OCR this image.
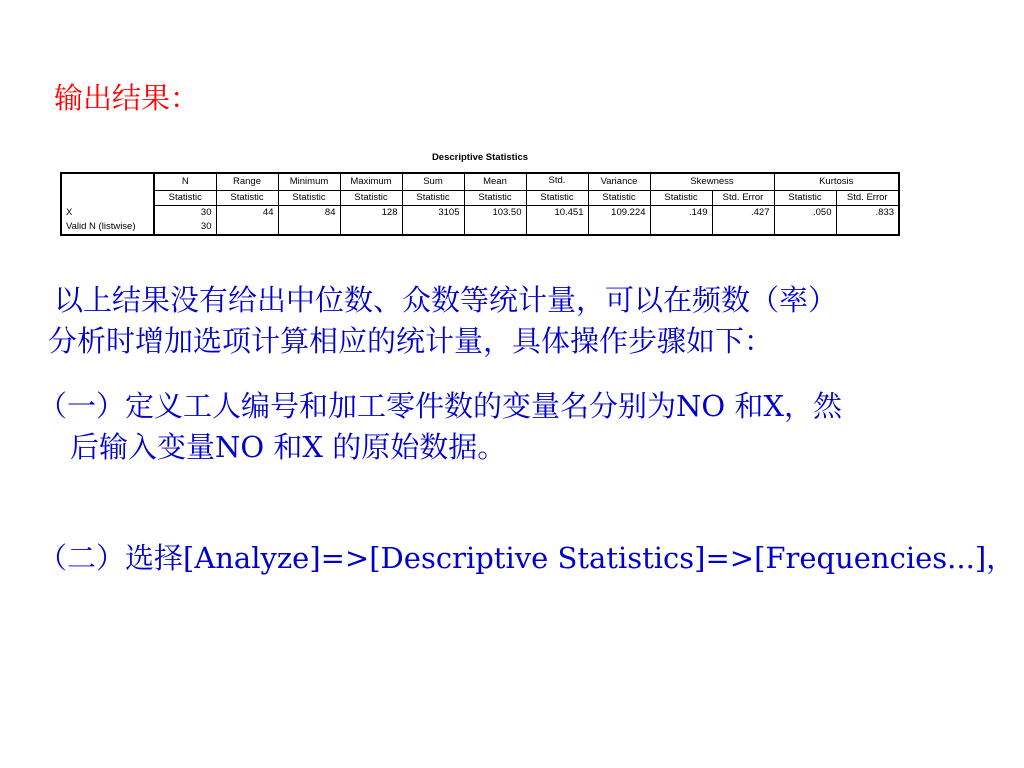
输出结果：
Descriptive Statistics
	N	Range	Minimum	Maximum	Sum	Mean	Std.	Variance	Skewness		Kurtosis	
	Statistic	Statistic	Statistic	Statistic	Statistic	Statistic	Statistic	Statistic	Statistic	Std. Error	Statistic	Std. Error
X	30	44	84	128	3105	103.50	10.451	109.224	.149	.427	.050	.833
Valid N (listwise)	30											
以上结果没有给出中位数、众数等统计量，可以在频数（率）
分析时增加选项计算相应的统计量，具体操作步骤如下：
（一）定义工人编号和加工零件数的变量名分别为NO 和X，然
后输入变量NO 和X 的原始数据。
（二）选择[Analyze]=>[Descriptive Statistics]=>[Frequencies...]，
